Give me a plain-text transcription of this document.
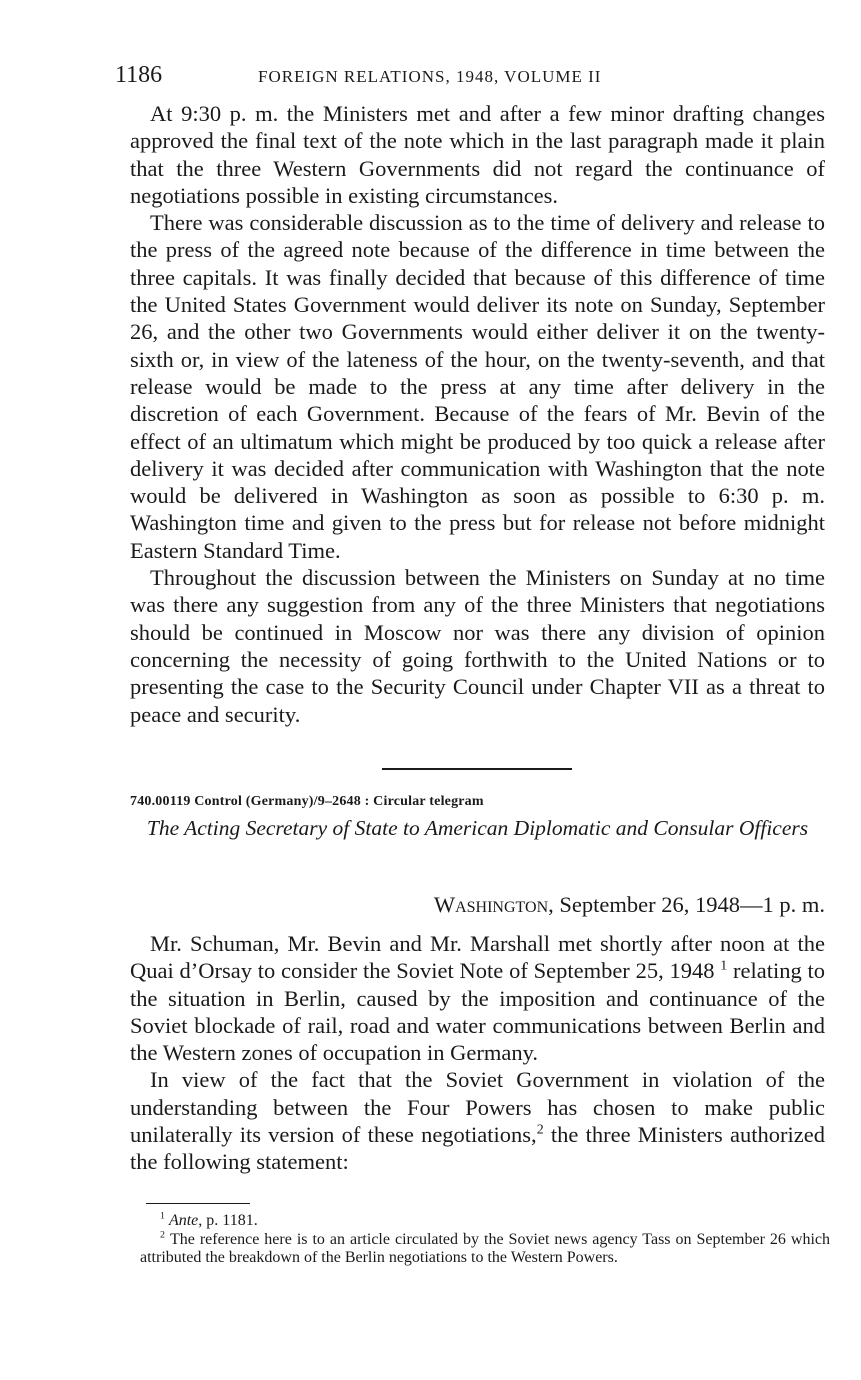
1186	FOREIGN RELATIONS, 1948, VOLUME II

At 9:30 p. m. the Ministers met and after a few minor drafting changes approved the final text of the note which in the last paragraph made it plain that the three Western Governments did not regard the continuance of negotiations possible in existing circumstances.

There was considerable discussion as to the time of delivery and release to the press of the agreed note because of the difference in time between the three capitals. It was finally decided that because of this difference of time the United States Government would deliver its note on Sunday, September 26, and the other two Governments would either deliver it on the twenty-sixth or, in view of the lateness of the hour, on the twenty-seventh, and that release would be made to the press at any time after delivery in the discretion of each Government. Because of the fears of Mr. Bevin of the effect of an ultimatum which might be produced by too quick a release after delivery it was decided after communication with Washington that the note would be delivered in Washington as soon as possible to 6:30 p. m. Washington time and given to the press but for release not before midnight Eastern Standard Time.

Throughout the discussion between the Ministers on Sunday at no time was there any suggestion from any of the three Ministers that negotiations should be continued in Moscow nor was there any division of opinion concerning the necessity of going forthwith to the United Nations or to presenting the case to the Security Council under Chapter VII as a threat to peace and security.

740.00119 Control (Germany)/9–2648 : Circular telegram
The Acting Secretary of State to American Diplomatic and Consular Officers
Washington, September 26, 1948—1 p. m.

Mr. Schuman, Mr. Bevin and Mr. Marshall met shortly after noon at the Quai d’Orsay to consider the Soviet Note of September 25, 1948 $^1$ relating to the situation in Berlin, caused by the imposition and continuance of the Soviet blockade of rail, road and water communications between Berlin and the Western zones of occupation in Germany.

In view of the fact that the Soviet Government in violation of the understanding between the Four Powers has chosen to make public unilaterally its version of these negotiations,$^2$ the three Ministers authorized the following statement:

$^1$ Ante, p. 1181.

$^2$ The reference here is to an article circulated by the Soviet news agency Tass on September 26 which attributed the breakdown of the Berlin negotiations to the Western Powers.
